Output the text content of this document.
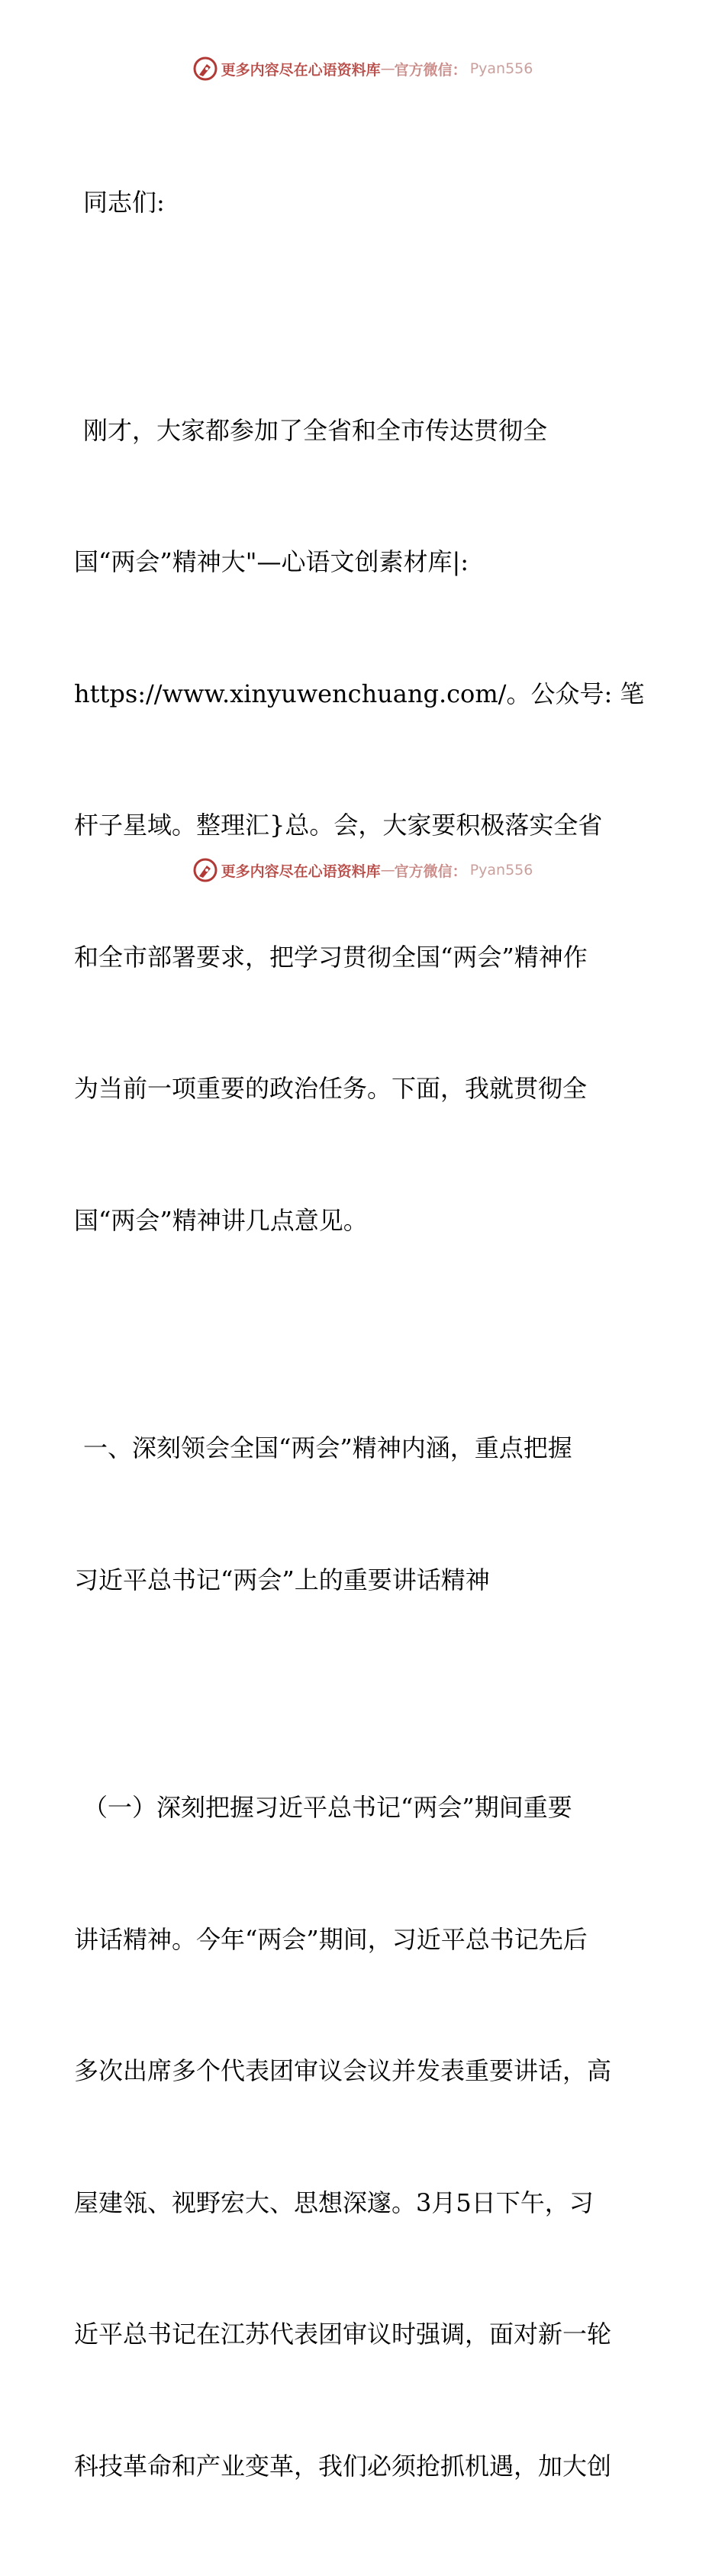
更多内容尽在心语资料库 — 官方微信： Pyan556

同志们:

刚才，大家都参加了全省和全市传达贯彻全

国“两会”精神大"—心语文创素材库|:

https://www.xinyuwenchuang.com/。公众号: 笔

杆子星域。整理汇}总。会，大家要积极落实全省

和全市部署要求，把学习贯彻全国“两会”精神作

为当前一项重要的政治任务。下面，我就贯彻全

国“两会”精神讲几点意见。

一、深刻领会全国“两会”精神内涵，重点把握

习近平总书记“两会”上的重要讲话精神

（一）深刻把握习近平总书记“两会”期间重要

讲话精神。今年“两会”期间，习近平总书记先后

多次出席多个代表团审议会议并发表重要讲话，高

屋建瓴、视野宏大、思想深邃。3月5日下午，习

近平总书记在江苏代表团审议时强调，面对新一轮

科技革命和产业变革，我们必须抢抓机遇，加大创

更多内容尽在心语资料库 — 官方微信： Pyan556
